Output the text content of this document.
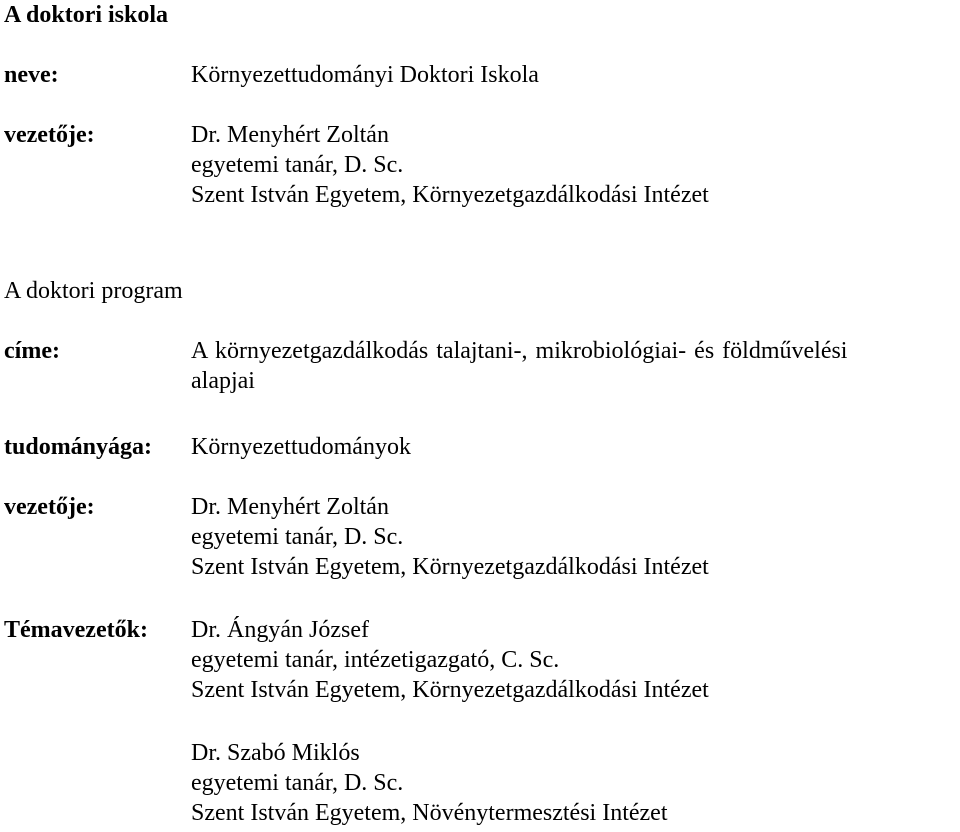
A doktori iskola
neve:	Környezettudományi Doktori Iskola
vezetője:	Dr. Menyhért Zoltán
egyetemi tanár, D. Sc.
Szent István Egyetem, Környezetgazdálkodási Intézet
A doktori program
címe:	A környezetgazdálkodás talajtani-, mikrobiológiai- és földművelési
alapjai
tudományága: Környezettudományok
vezetője:	Dr. Menyhért Zoltán
egyetemi tanár, D. Sc.
Szent István Egyetem, Környezetgazdálkodási Intézet
Témavezetők: Dr. Ángyán József
egyetemi tanár, intézetigazgató, C. Sc.
Szent István Egyetem, Környezetgazdálkodási Intézet
Dr. Szabó Miklós
egyetemi tanár, D. Sc.
Szent István Egyetem, Növénytermesztési Intézet
